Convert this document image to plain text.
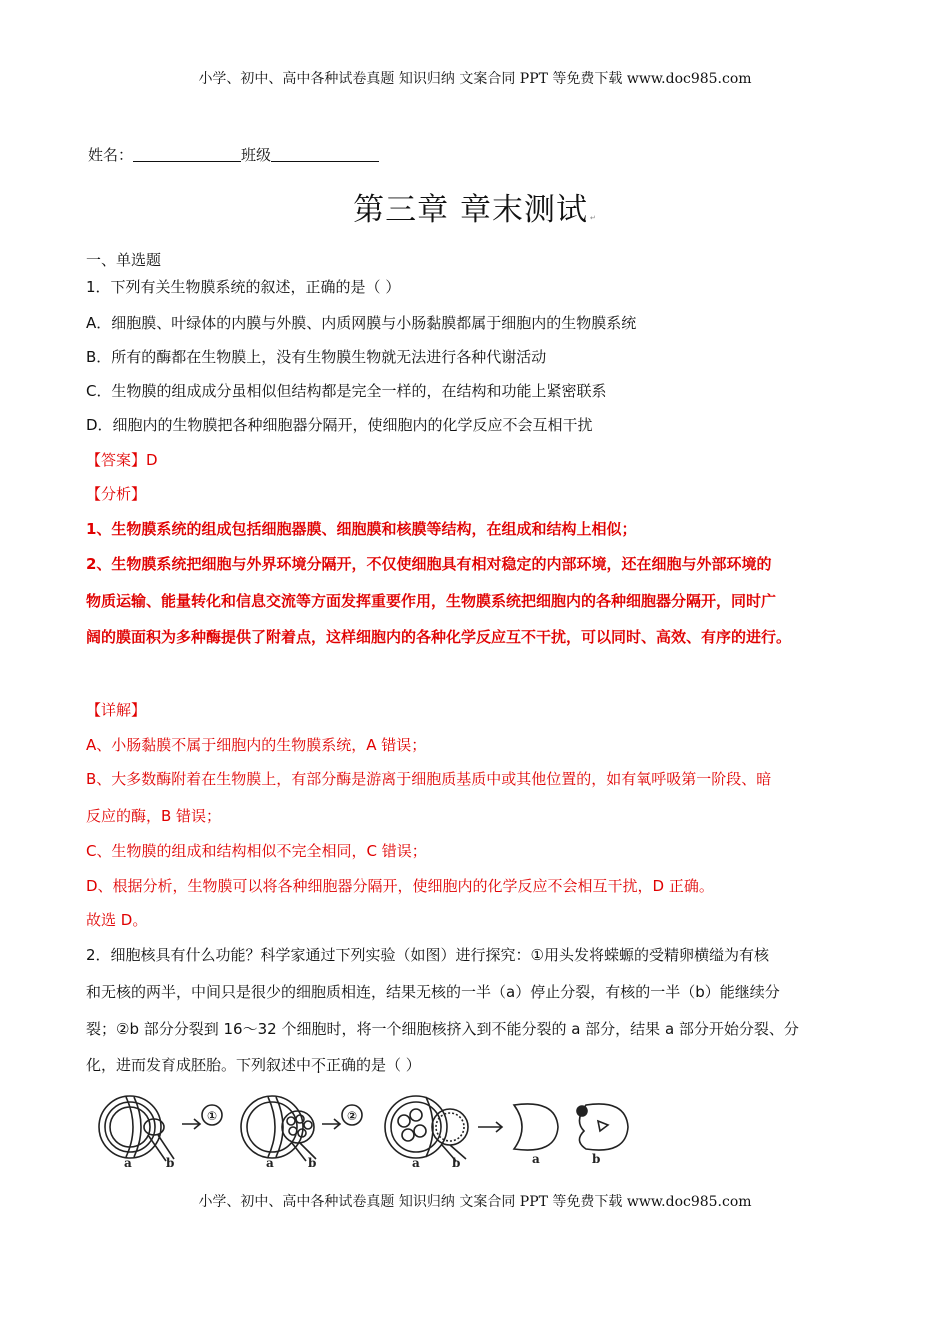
小学、初中、高中各种试卷真题 知识归纳 文案合同 PPT 等免费下载 www.doc985.com
姓名：	班级
第三章 章末测试 ↵
一、单选题
1．下列有关生物膜系统的叙述，正确的是（ ）
A．细胞膜、叶绿体的内膜与外膜、内质网膜与小肠黏膜都属于细胞内的生物膜系统
B．所有的酶都在生物膜上，没有生物膜生物就无法进行各种代谢活动
C．生物膜的组成成分虽相似但结构都是完全一样的，在结构和功能上紧密联系
D．细胞内的生物膜把各种细胞器分隔开，使细胞内的化学反应不会互相干扰
【答案】D
【分析】
1、生物膜系统的组成包括细胞器膜、细胞膜和核膜等结构，在组成和结构上相似；
2、生物膜系统把细胞与外界环境分隔开，不仅使细胞具有相对稳定的内部环境，还在细胞与外部环境的
物质运输、能量转化和信息交流等方面发挥重要作用，生物膜系统把细胞内的各种细胞器分隔开，同时广
阔的膜面积为多种酶提供了附着点，这样细胞内的各种化学反应互不干扰，可以同时、高效、有序的进行。
【详解】
A、小肠黏膜不属于细胞内的生物膜系统，A 错误；
B、大多数酶附着在生物膜上，有部分酶是游离于细胞质基质中或其他位置的，如有氧呼吸第一阶段、暗
反应的酶，B 错误；
C、生物膜的组成和结构相似不完全相同，C 错误；
D、根据分析，生物膜可以将各种细胞器分隔开，使细胞内的化学反应不会相互干扰，D 正确。
故选 D。
2．细胞核具有什么功能？科学家通过下列实验（如图）进行探究：①用头发将蝾螈的受精卵横缢为有核
和无核的两半，中间只是很少的细胞质相连，结果无核的一半（a）停止分裂，有核的一半（b）能继续分
裂；②b 部分分裂到 16～32 个细胞时，将一个细胞核挤入到不能分裂的 a 部分，结果 a 部分开始分裂、分
化，进而发育成胚胎。下列叙述中不正确的是（ ）
a	b
①
a	b
②
a	b	a	b
小学、初中、高中各种试卷真题 知识归纳 文案合同 PPT 等免费下载 www.doc985.com
